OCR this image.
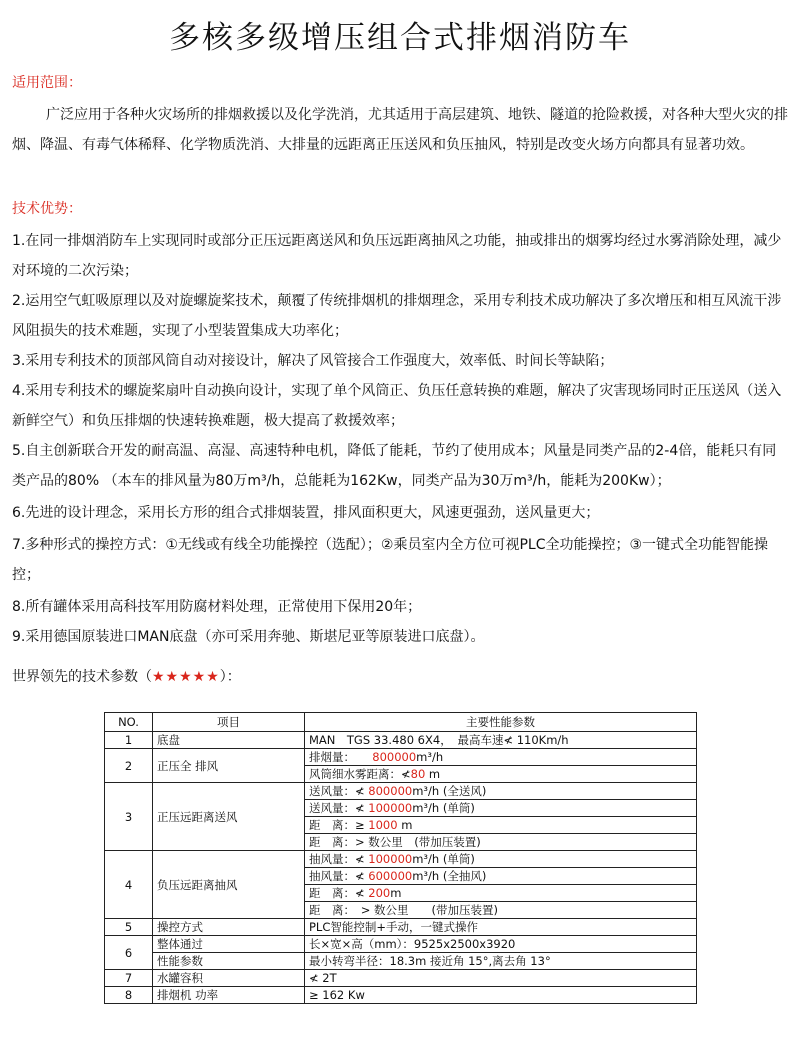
多核多级增压组合式排烟消防车
适用范围：
广泛应用于各种火灾场所的排烟救援以及化学洗消，尤其适用于高层建筑、地铁、隧道的抢险救援，对各种大型火灾的排烟、降温、有毒气体稀释、化学物质洗消、大排量的远距离正压送风和负压抽风，特别是改变火场方向都具有显著功效。
技术优势：
1.在同一排烟消防车上实现同时或部分正压远距离送风和负压远距离抽风之功能，抽或排出的烟雾均经过水雾消除处理，减少对环境的二次污染；
2.运用空气虹吸原理以及对旋螺旋桨技术，颠覆了传统排烟机的排烟理念，采用专利技术成功解决了多次增压和相互风流干涉风阻损失的技术难题，实现了小型装置集成大功率化；
3.采用专利技术的顶部风筒自动对接设计，解决了风管接合工作强度大，效率低、时间长等缺陷；
4.采用专利技术的螺旋桨扇叶自动换向设计，实现了单个风筒正、负压任意转换的难题，解决了灾害现场同时正压送风（送入新鲜空气）和负压排烟的快速转换难题，极大提高了救援效率；
5.自主创新联合开发的耐高温、高湿、高速特种电机，降低了能耗，节约了使用成本；风量是同类产品的2-4倍，能耗只有同类产品的80% （本车的排风量为80万m³/h，总能耗为162Kw，同类产品为30万m³/h，能耗为200Kw）；
6.先进的设计理念，采用长方形的组合式排烟装置，排风面积更大，风速更强劲，送风量更大；
7.多种形式的操控方式：①无线或有线全功能操控（选配）；②乘员室内全方位可视PLC全功能操控；③一键式全功能智能操控；
8.所有罐体采用高科技军用防腐材料处理，正常使用下保用20年；
9.采用德国原装进口MAN底盘（亦可采用奔驰、斯堪尼亚等原装进口底盘）。
世界领先的技术参数（★★★★★）：
NO.	项目	主要性能参数
1	底盘	MAN　TGS 33.480 6X4，　最高车速≮ 110Km/h
2	正压全 排风	排烟量：　　800000m³/h
		风筒细水雾距离：≮80 m
3	正压远距离送风	送风量：≮ 800000m³/h (全送风)
		送风量：≮ 100000m³/h (单筒)
		距　离：≥ 1000 m
		距　离：> 数公里　(带加压装置)
4	负压远距离抽风	抽风量：≮ 100000m³/h (单筒)
		抽风量：≮ 600000m³/h (全抽风)
		距　离：≮ 200m
		距　离：　> 数公里　　(带加压装置)
5	操控方式	PLC智能控制+手动，一键式操作
6	整体通过	长×宽×高（mm）：9525x2500x3920
	性能参数	最小转弯半径：18.3m 接近角 15°,离去角 13°
7	水罐容积	≮ 2T
8	排烟机 功率	≥ 162 Kw
